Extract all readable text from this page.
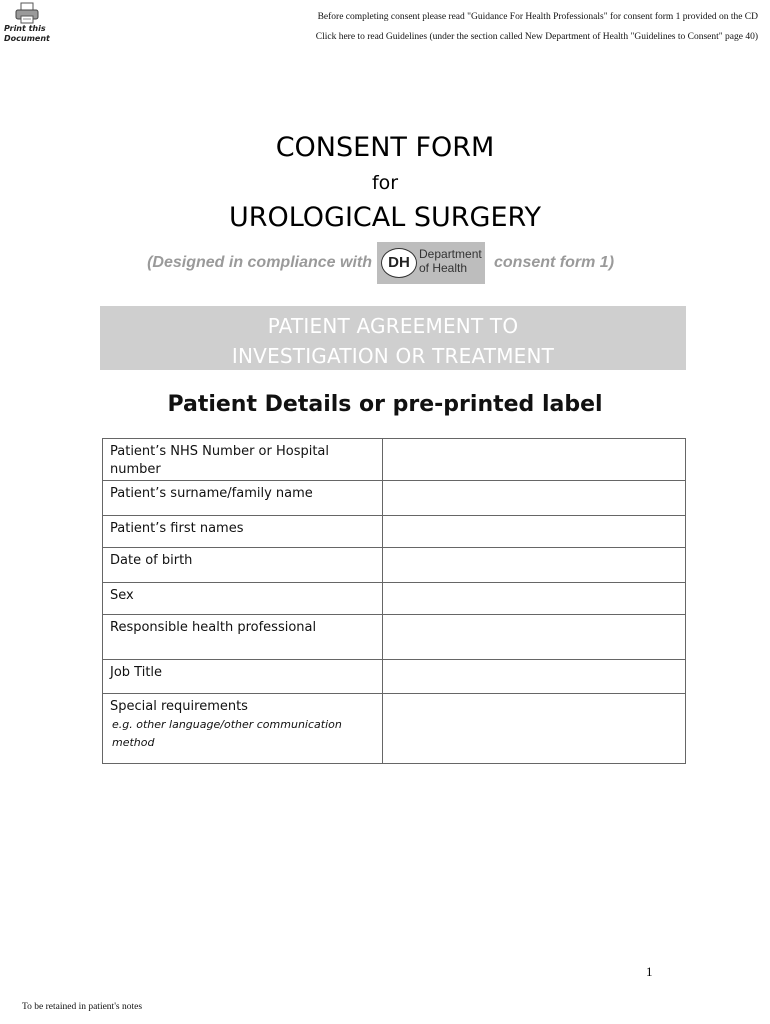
Print this
Document
Before completing consent please read "Guidance For Health Professionals" for consent form 1 provided on the CD
Click here to read Guidelines (under the section called New Department of Health "Guidelines to Consent" page 40)
CONSENT FORM
for
UROLOGICAL SURGERY
(Designed in compliance with	DH Department
of Health	consent form 1)
PATIENT AGREEMENT TO
INVESTIGATION OR TREATMENT
Patient Details or pre-printed label
Patient’s NHS Number or Hospital number	
Patient’s surname/family name	
Patient’s first names	
Date of birth	
Sex	
Responsible health professional	
Job Title	

Special requirements
e.g. other language/other communication method	

1
To be retained in patient's notes
